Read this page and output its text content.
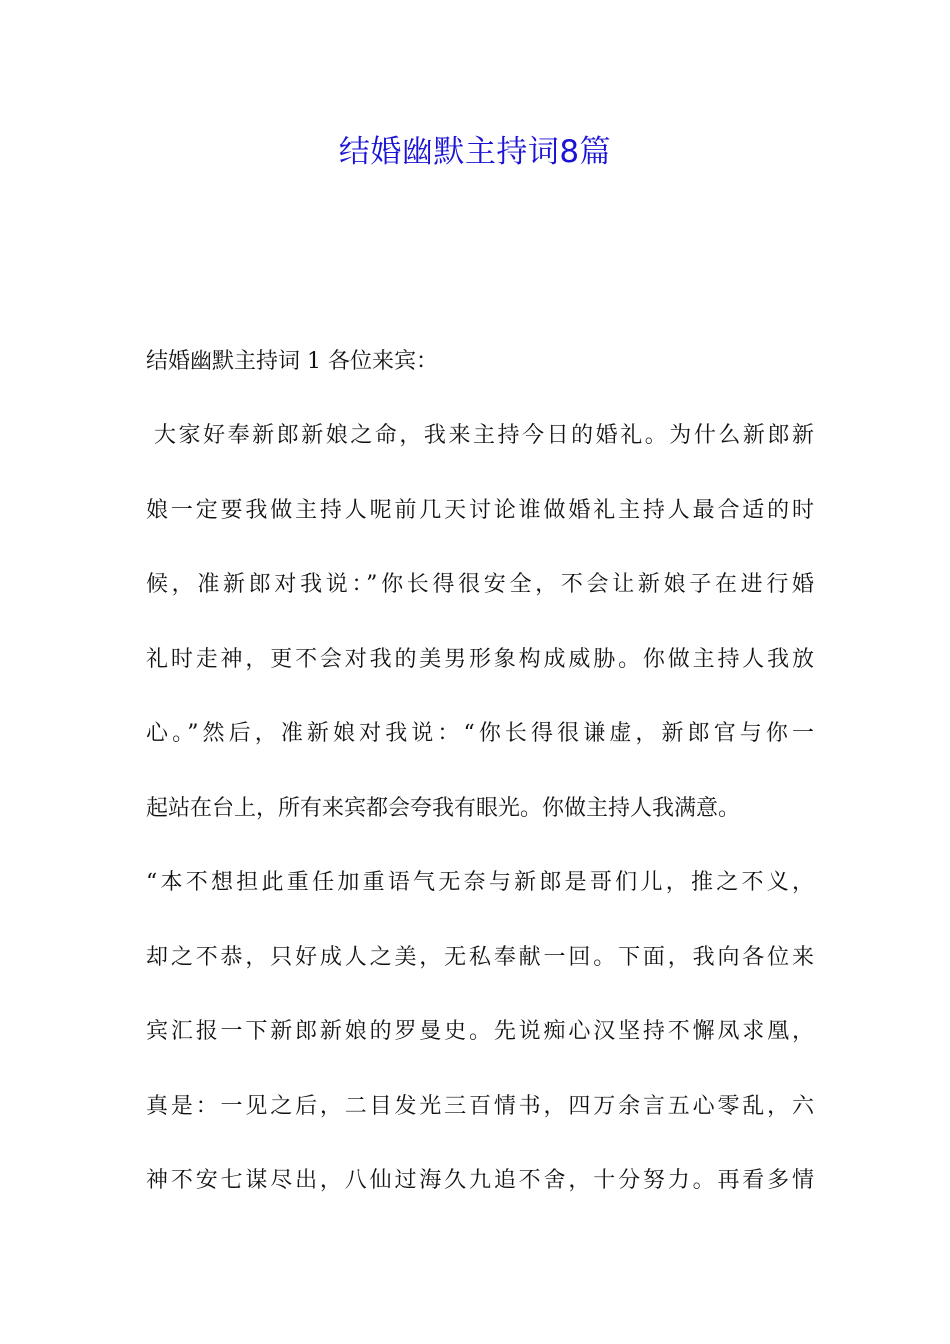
结婚幽默主持词8篇
结婚幽默主持词 1 各位来宾：
大家好奉新郎新娘之命，我来主持今日的婚礼。为什么新郎新
娘一定要我做主持人呢前几天讨论谁做婚礼主持人最合适的时
候，准新郎对我说：”你长得很安全，不会让新娘子在进行婚
礼时走神，更不会对我的美男形象构成威胁。你做主持人我放
心。”然后，准新娘对我说：“你长得很谦虚，新郎官与你一
起站在台上，所有来宾都会夸我有眼光。你做主持人我满意。
“本不想担此重任加重语气无奈与新郎是哥们儿，推之不义，
却之不恭，只好成人之美，无私奉献一回。下面，我向各位来
宾汇报一下新郎新娘的罗曼史。先说痴心汉坚持不懈凤求凰，
真是：一见之后，二目发光三百情书，四万余言五心零乱，六
神不安七谋尽出，八仙过海久九追不舍，十分努力。再看多情
